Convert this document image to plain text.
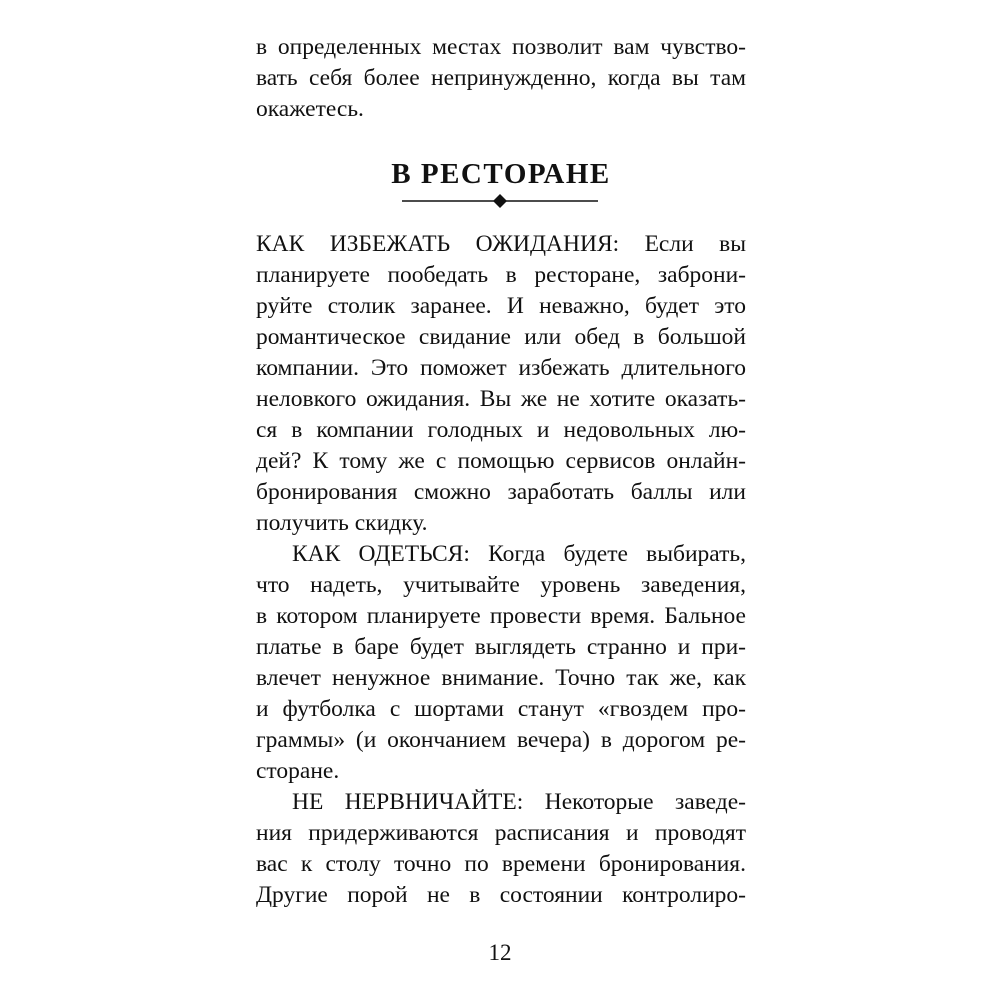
в определенных местах позволит вам чувство-

вать себя более непринужденно, когда вы там

окажетесь.

В РЕСТОРАНЕ

КАК ИЗБЕЖАТЬ ОЖИДАНИЯ: Если вы

планируете пообедать в ресторане, заброни-

руйте столик заранее. И неважно, будет это

романтическое свидание или обед в большой

компании. Это поможет избежать длительного

неловкого ожидания. Вы же не хотите оказать-

ся в компании голодных и недовольных лю-

дей? К тому же с помощью сервисов онлайн-

бронирования сможно заработать баллы или

получить скидку.

КАК ОДЕТЬСЯ: Когда будете выбирать,

что надеть, учитывайте уровень заведения,

в котором планируете провести время. Бальное

платье в баре будет выглядеть странно и при-

влечет ненужное внимание. Точно так же, как

и футболка с шортами станут «гвоздем про-

граммы» (и окончанием вечера) в дорогом ре-

сторане.

НЕ НЕРВНИЧАЙТЕ: Некоторые заведе-

ния придерживаются расписания и проводят

вас к столу точно по времени бронирования.

Другие порой не в состоянии контролиро-

12
